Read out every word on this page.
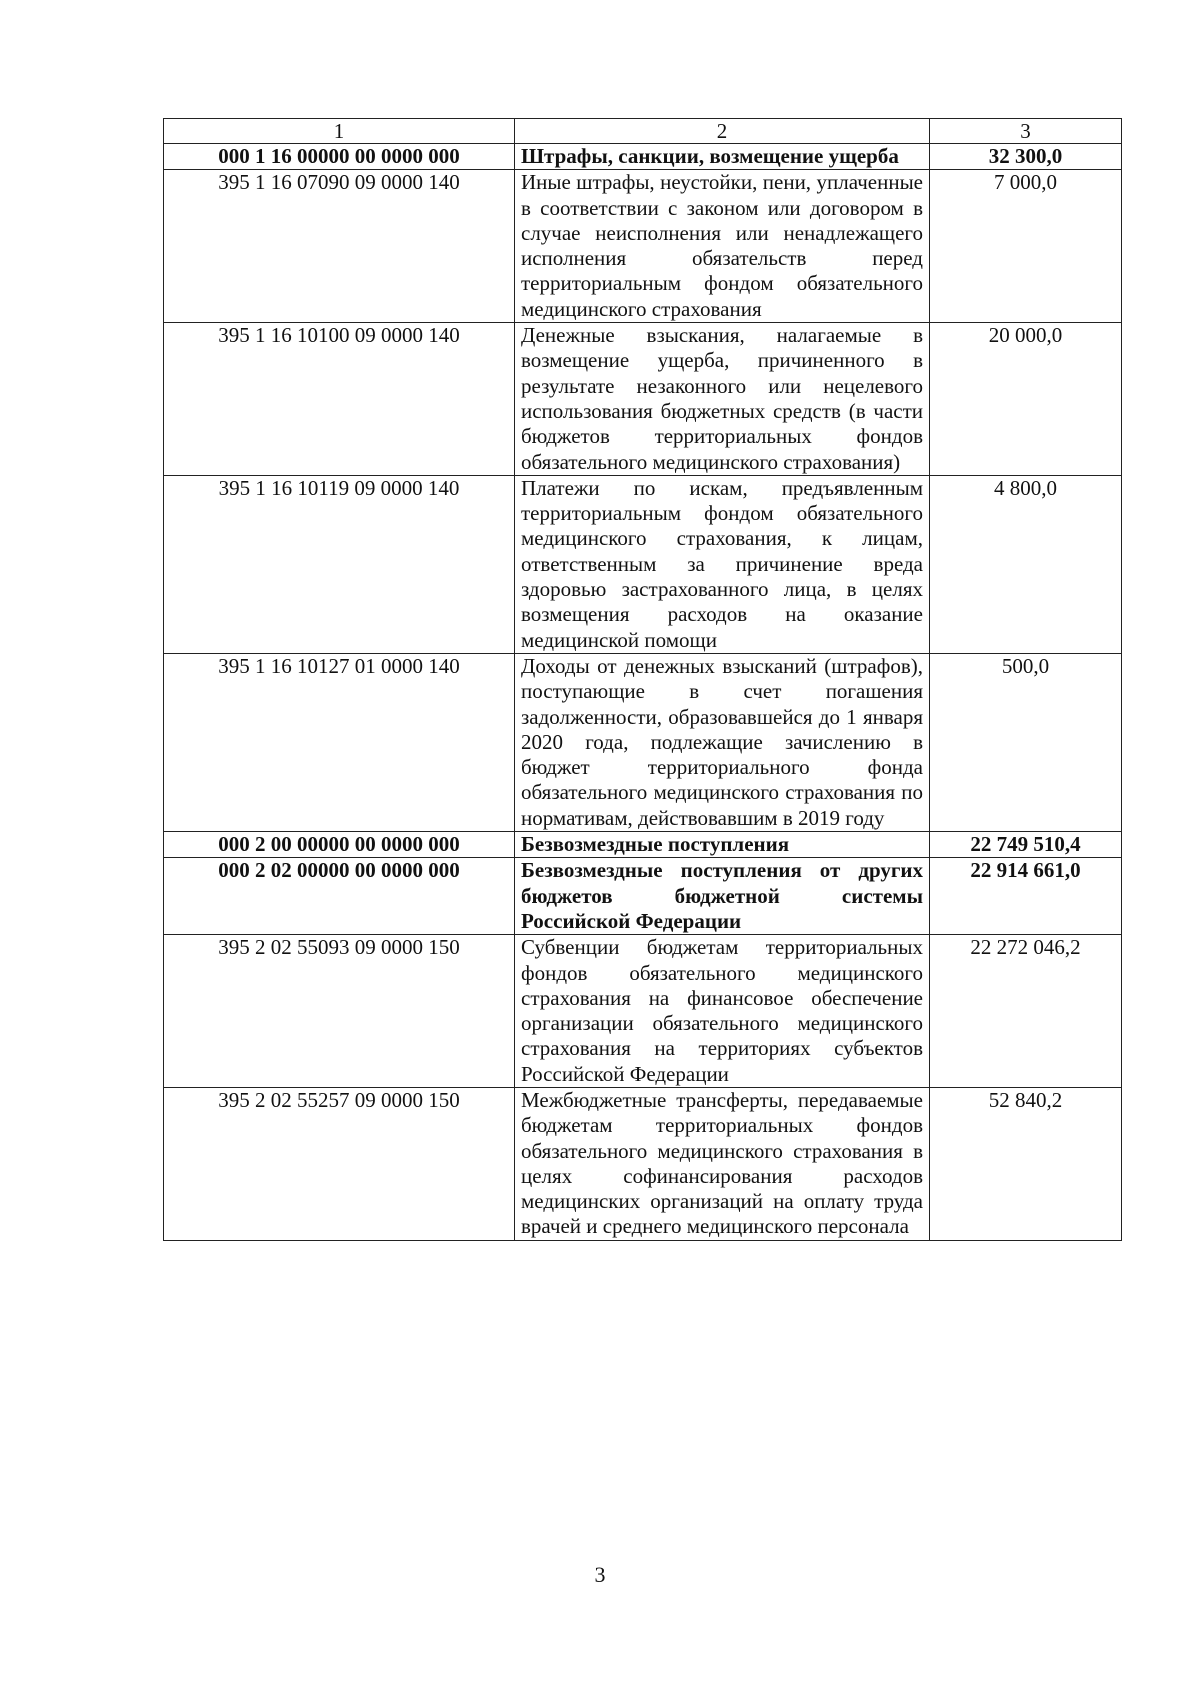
1	2	3
000 1 16 00000 00 0000 000	Штрафы, санкции, возмещение ущерба	32 300,0
395 1 16 07090 09 0000 140	Иные штрафы, неустойки, пени, уплаченные в соответствии с законом или договором в случае неисполнения или ненадлежащего исполнения обязательств перед территориальным фондом обязательного медицинского страхования	7 000,0
395 1 16 10100 09 0000 140	Денежные взыскания, налагаемые в возмещение ущерба, причиненного в результате незаконного или нецелевого использования бюджетных средств (в части бюджетов территориальных фондов обязательного медицинского страхования)	20 000,0
395 1 16 10119 09 0000 140	Платежи по искам, предъявленным территориальным фондом обязательного медицинского страхования, к лицам, ответственным за причинение вреда здоровью застрахованного лица, в целях возмещения расходов на оказание медицинской помощи	4 800,0
395 1 16 10127 01 0000 140	Доходы от денежных взысканий (штрафов), поступающие в счет погашения задолженности, образовавшейся до 1 января 2020 года, подлежащие зачислению в бюджет территориального фонда обязательного медицинского страхования по нормативам, действовавшим в 2019 году	500,0
000 2 00 00000 00 0000 000	Безвозмездные поступления	22 749 510,4
000 2 02 00000 00 0000 000	Безвозмездные поступления от других бюджетов бюджетной системы Российской Федерации	22 914 661,0
395 2 02 55093 09 0000 150	Субвенции бюджетам территориальных фондов обязательного медицинского страхования на финансовое обеспечение организации обязательного медицинского страхования на территориях субъектов Российской Федерации	22 272 046,2
395 2 02 55257 09 0000 150	Межбюджетные трансферты, передаваемые бюджетам территориальных фондов обязательного медицинского страхования в целях софинансирования расходов медицинских организаций на оплату труда врачей и среднего медицинского персонала	52 840,2
3
